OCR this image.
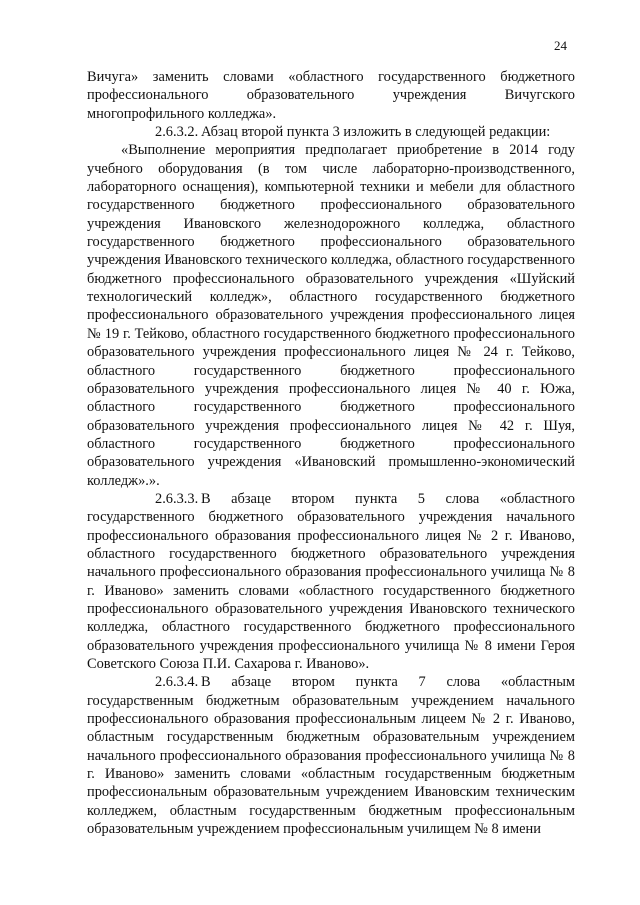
24

Вичуга» заменить словами «областного государственного бюджетного профессионального образовательного учреждения Вичугского многопрофильного колледжа».

2.6.3.2. Абзац второй пункта 3 изложить в следующей редакции:

«Выполнение мероприятия предполагает приобретение в 2014 году учебного оборудования (в том числе лабораторно-производственного, лабораторного оснащения), компьютерной техники и мебели для областного государственного бюджетного профессионального образовательного учреждения Ивановского железнодорожного колледжа, областного государственного бюджетного профессионального образовательного учреждения Ивановского технического колледжа, областного государственного бюджетного профессионального образовательного учреждения «Шуйский технологический колледж», областного государственного бюджетного профессионального образовательного учреждения профессионального лицея № 19 г. Тейково, областного государственного бюджетного профессионального образовательного учреждения профессионального лицея № 24 г. Тейково, областного государственного бюджетного профессионального образовательного учреждения профессионального лицея № 40 г. Южа, областного государственного бюджетного профессионального образовательного учреждения профессионального лицея № 42 г. Шуя, областного государственного бюджетного профессионального образовательного учреждения «Ивановский промышленно-экономический колледж».».

2.6.3.3. В абзаце втором пункта 5 слова «областного государственного бюджетного образовательного учреждения начального профессионального образования профессионального лицея № 2 г. Иваново, областного государственного бюджетного образовательного учреждения начального профессионального образования профессионального училища № 8 г. Иваново» заменить словами «областного государственного бюджетного профессионального образовательного учреждения Ивановского технического колледжа, областного государственного бюджетного профессионального образовательного учреждения профессионального училища № 8 имени Героя Советского Союза П.И. Сахарова г. Иваново».

2.6.3.4. В абзаце втором пункта 7 слова «областным государственным бюджетным образовательным учреждением начального профессионального образования профессиональным лицеем № 2 г. Иваново, областным государственным бюджетным образовательным учреждением начального профессионального образования профессионального училища № 8 г. Иваново» заменить словами «областным государственным бюджетным профессиональным образовательным учреждением Ивановским техническим колледжем, областным государственным бюджетным профессиональным образовательным учреждением профессиональным училищем № 8 имени
